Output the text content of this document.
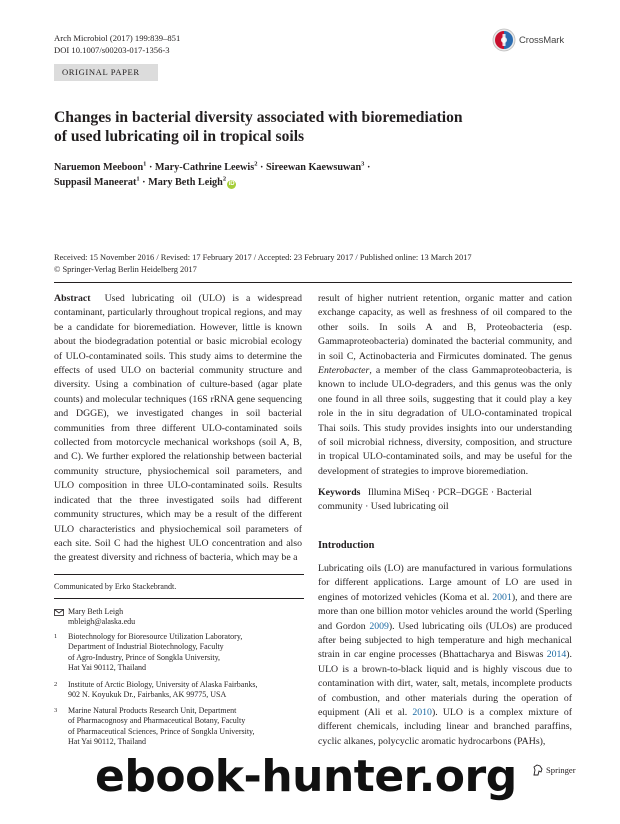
Arch Microbiol (2017) 199:839–851
DOI 10.1007/s00203-017-1356-3
CrossMark
ORIGINAL PAPER
Changes in bacterial diversity associated with bioremediation
of used lubricating oil in tropical soils
Naruemon Meeboon$^1$ · Mary-Cathrine Leewis$^2$ · Sireewan Kaewsuwan$^3$ ·
Suppasil Maneerat$^1$ · Mary Beth Leigh$^2$iD
Received: 15 November 2016 / Revised: 17 February 2017 / Accepted: 23 February 2017 / Published online: 13 March 2017
© Springer-Verlag Berlin Heidelberg 2017

Abstract Used lubricating oil (ULO) is a widespread contaminant, particularly throughout tropical regions, and may be a candidate for bioremediation. However, little is known about the biodegradation potential or basic microbial ecology of ULO-contaminated soils. This study aims to determine the effects of used ULO on bacterial community structure and diversity. Using a combination of culture-based (agar plate counts) and molecular techniques (16S rRNA gene sequencing and DGGE), we investigated changes in soil bacterial communities from three different ULO-contaminated soils collected from motorcycle mechanical workshops (soil A, B, and C). We further explored the relationship between bacterial community structure, physiochemical soil parameters, and ULO composition in three ULO-contaminated soils. Results indicated that the three investigated soils had different community structures, which may be a result of the different ULO characteristics and physiochemical soil parameters of each site. Soil C had the highest ULO concentration and also the greatest diversity and richness of bacteria, which may be a

result of higher nutrient retention, organic matter and cation exchange capacity, as well as freshness of oil compared to the other soils. In soils A and B, Proteobacteria (esp. Gammaproteobacteria) dominated the bacterial community, and in soil C, Actinobacteria and Firmicutes dominated. The genus Enterobacter, a member of the class Gammaproteobacteria, is known to include ULO-degraders, and this genus was the only one found in all three soils, suggesting that it could play a key role in the in situ degradation of ULO-contaminated tropical Thai soils. This study provides insights into our understanding of soil microbial richness, diversity, composition, and structure in tropical ULO-contaminated soils, and may be useful for the development of strategies to improve bioremediation.

Keywords Illumina MiSeq · PCR–DGGE · Bacterial community · Used lubricating oil

Introduction

Lubricating oils (LO) are manufactured in various formulations for different applications. Large amount of LO are used in engines of motorized vehicles (Koma et al. 2001), and there are more than one billion motor vehicles around the world (Sperling and Gordon 2009). Used lubricating oils (ULOs) are produced after being subjected to high temperature and high mechanical strain in car engine processes (Bhattacharya and Biswas 2014). ULO is a brown-to-black liquid and is highly viscous due to contamination with dirt, water, salt, metals, incomplete products of combustion, and other materials during the operation of equipment (Ali et al. 2010). ULO is a complex mixture of different chemicals, including linear and branched paraffins, cyclic alkanes, polycyclic aromatic hydrocarbons (PAHs),

Communicated by Erko Stackebrandt.
Mary Beth Leigh
mbleigh@alaska.edu
1 Biotechnology for Bioresource Utilization Laboratory,
Department of Industrial Biotechnology, Faculty
of Agro-Industry, Prince of Songkla University,
Hat Yai 90112, Thailand
2 Institute of Arctic Biology, University of Alaska Fairbanks,
902 N. Koyukuk Dr., Fairbanks, AK 99775, USA
3 Marine Natural Products Research Unit, Department
of Pharmacognosy and Pharmaceutical Botany, Faculty
of Pharmaceutical Sciences, Prince of Songkla University,
Hat Yai 90112, Thailand
Springer
ebook-hunter.org
